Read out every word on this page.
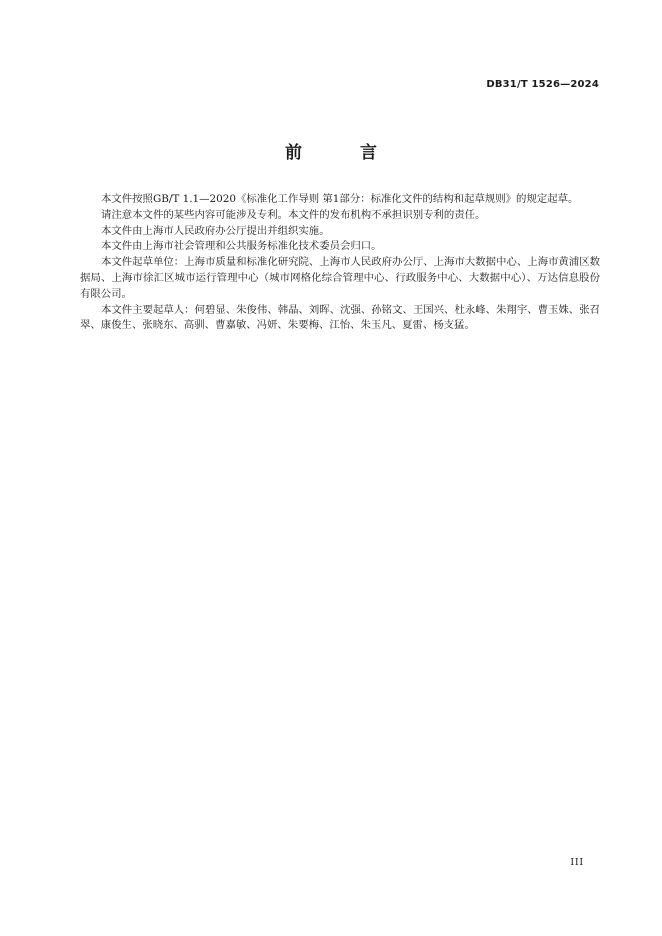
DB31/T 1526—2024
前 言

本文件按照GB/T 1.1—2020《标准化工作导则 第1部分：标准化文件的结构和起草规则》的规定起草。

请注意本文件的某些内容可能涉及专利。本文件的发布机构不承担识别专利的责任。

本文件由上海市人民政府办公厅提出并组织实施。

本文件由上海市社会管理和公共服务标准化技术委员会归口。

本文件起草单位：上海市质量和标准化研究院、上海市人民政府办公厅、上海市大数据中心、上海市黄浦区数据局、上海市徐汇区城市运行管理中心（城市网格化综合管理中心、行政服务中心、大数据中心）、万达信息股份有限公司。

本文件主要起草人：何碧显、朱俊伟、韩晶、刘晖、沈强、孙铭文、王国兴、杜永峰、朱翔宇、曹玉姝、张召翠、康俊生、张晓东、高驯、曹嘉敏、冯妍、朱要梅、江怡、朱玉凡、夏雷、杨支猛。

III
